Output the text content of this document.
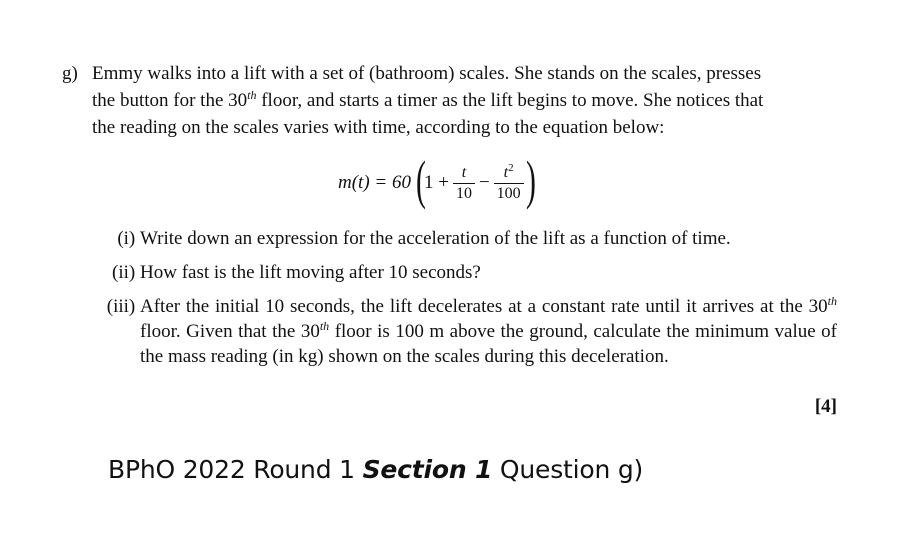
g) Emmy walks into a lift with a set of (bathroom) scales. She stands on the scales, presses
the button for the 30th floor, and starts a timer as the lift begins to move. She notices that
the reading on the scales varies with time, according to the equation below:
m(t) = 60 (
$1 + \frac{t}{10} - \frac{t^2}{100}$ )
(i) Write down an expression for the acceleration of the lift as a function of time.
(ii) How fast is the lift moving after 10 seconds?
(iii) After the initial 10 seconds, the lift decelerates at a constant rate until it arrives at the 30th floor. Given that the 30th floor is 100 m above the ground, calculate the minimum value of the mass reading (in kg) shown on the scales during this deceleration.
[4]
BPhO 2022 Round 1 Section 1 Question g)
